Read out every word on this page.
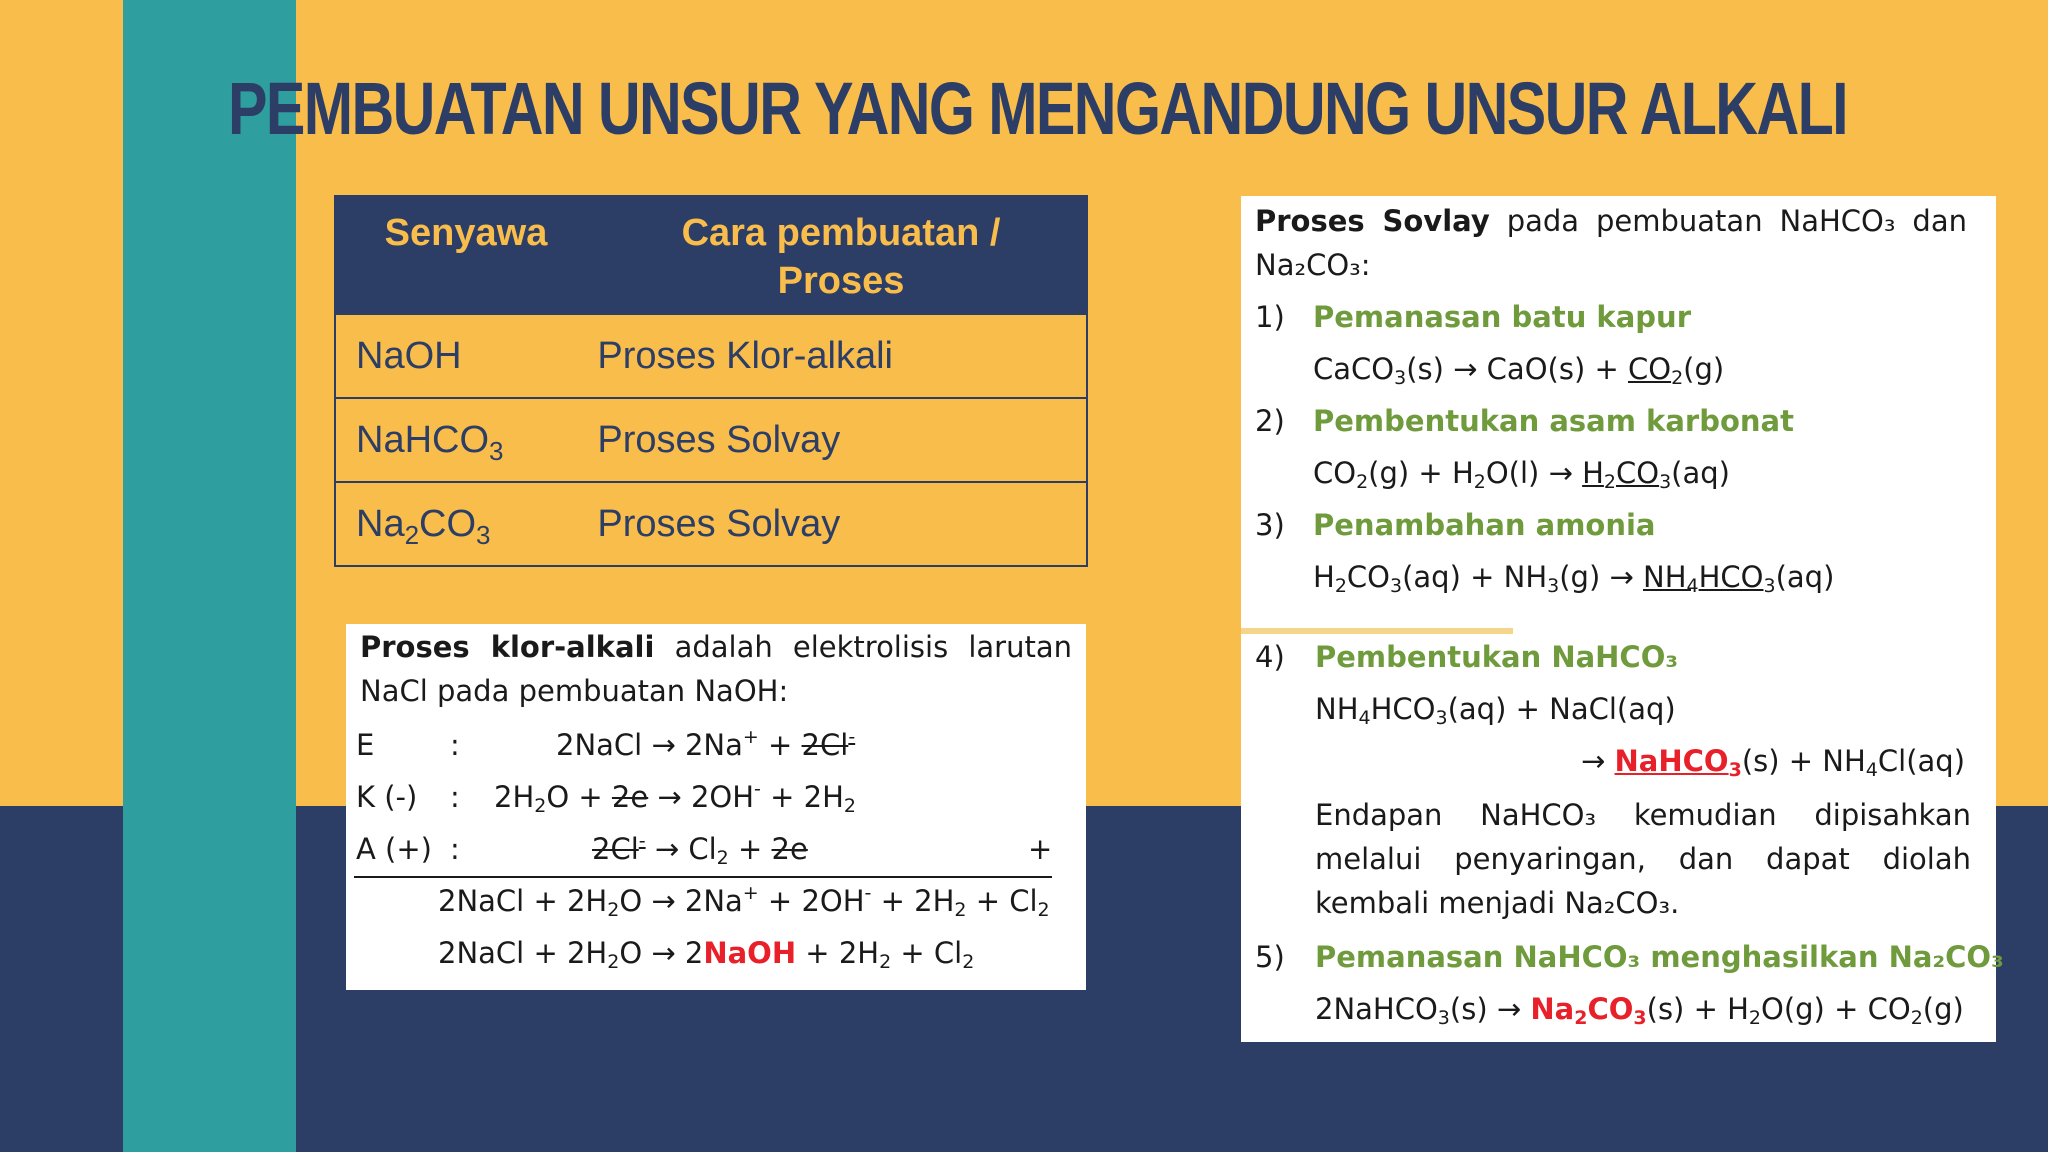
PEMBUATAN UNSUR YANG MENGANDUNG UNSUR ALKALI
Senyawa	Cara pembuatan /
Proses
NaOH	Proses Klor-alkali
NaHCO$_3$	Proses Solvay
$Na_2CO_3$	Proses Solvay
Proses klor-alkali adalah elektrolisis larutan
NaCl pada pembuatan NaOH:
E	:	2NaCl → 2Na+ + 2Cl-
K (-) : $2H_2O + 2e \to 2OH^- + 2H_2$
A (+) :	$2Cl^- \to Cl_2 + 2e$	+
2NaCl + $2H_2O \to 2Na^+ + 2OH^- + 2H_2 + Cl_2$
2NaCl + $2H_2O$ → 2NaOH + $2H_2 + Cl_2$
Proses Sovlay pada pembuatan NaHCO₃ dan
Na₂CO₃:
1) Pemanasan batu kapur
CaCO$_3$(s) → $CaO(s) + CO_2(g)$
2) Pembentukan asam karbonat
$CO_2(g) + H_2O(l) \to H_2CO_3(aq)$
3) Penambahan amonia
$H_2CO_3(aq) + NH_3(g) \to NH_4HCO_3(aq)$
4) Pembentukan NaHCO₃
$NH_4HCO_3(aq)$ + NaCl(aq)
→ NaHCO$_3$(s) + $NH_4Cl(aq)$
Endapan NaHCO₃ kemudian dipisahkan
melalui penyaringan, dan dapat diolah
kembali menjadi Na₂CO₃.
5) Pemanasan NaHCO₃ menghasilkan Na₂CO₃
2NaHCO$_3$(s) → $Na_2CO_3(s) + H_2O(g) + CO_2(g)$
